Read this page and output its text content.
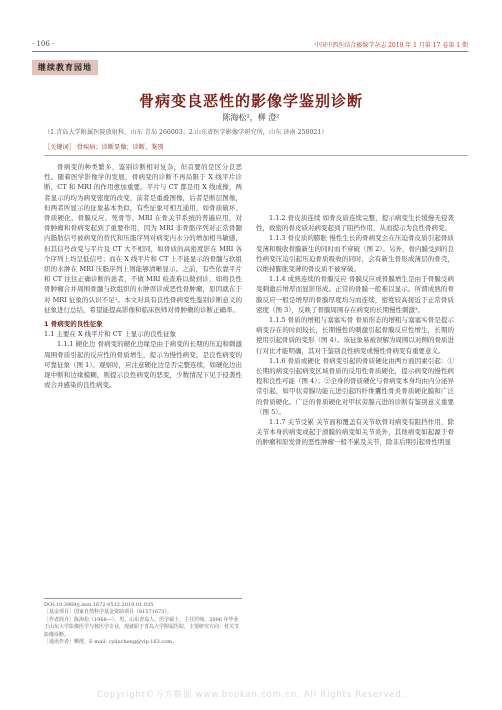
· 106 ·	中国中西医结合影像学杂志 2019 年 1 月第 17 卷第 1 期
继续教育园地
骨病变良恶性的影像学鉴别诊断
陈海松¹，柳 澄²
（1.青岛大学附属医院放射科，山东 青岛 266003；2.山东省医学影像学研究所，山东 济南 250021）
［关键词］ 骨疾病；诊断显像；诊断，鉴别

骨病变的种类繁多，鉴别诊断相对复杂，但首要的是区分良恶性。随着医学影像学的发展，骨病变的诊断不再局限于 X 线平片诊断，CT 和 MRI 的作用愈加重要。平片与 CT 都是用 X 线成像，两者显示的均为病变密度的改变，前者是重叠图像，后者是断层图像，但两者所显示的征象基本类似，有些征象可相互通用，如骨质破坏、骨质硬化、骨膜反应、死骨等。MRI 在骨关节系统的普遍应用，对骨肿瘤和骨病变起到了重要作用，因为 MRI 非骨骼序列对正常骨髓内脂肪信号被病变的替代和压脂序列对病变内水分的增加相当敏感，但其信号改变与平片及 CT 大不相同，如骨质的高密度影在 MRI 各个序列上均呈低信号；而在 X 线平片和 CT 上不能显示的骨髓与软组织的水肿在 MRI 压脂序列上则能够清晰显示。之前，有些依靠平片和 CT 往往正确诊断的患者，不做 MRI 检查难以做到诊，如将良性骨肿瘤合并周围骨髓与软组织的水肿误诊成恶性骨肿瘤，原因就在于对 MRI 征象的认识不足¹。本文对具有良性骨病变性鉴别诊断意义的征象进行总结，希望能提高影像和临床医师对骨肿瘤的诊断正确率。

1 骨病变的良性征象

1.1 主要在 X 线平片和 CT 上显示的良性征象

1.1.1 硬化边 骨病变的硬化边缘是由于病变的长期的压迫和刺激周围骨质引起的反应性的骨质增生，提示为慢性病变，是良性病变的可靠征象（图 1）。观察时，应注意硬化边是否完整连续，如硬化边出现中断和边缘模糊，则提示良性病变的恶变，少数情况下见于侵袭性或合并感染的良性病变。

1.1.2 骨皮质连续 如骨皮质连续完整，提示病变生长缓慢无侵袭性，致密的骨皮质对病变起到了阻挡作用，从而提示为良性骨病变。

1.1.3 骨皮质的膨胀 慢性生长的骨病变会在压迫骨皮质引起骨质变薄和吸收骨膜新生的同时而不穿破（图 2）。另外，骨内膜受到的良性病变压迫引起压迫骨质吸收的同时，会有新生骨形成薄层的骨壳，以维持膨胀变薄的骨皮质不被穿破。

1.1.4 成熟连续的骨膜反应 骨膜反应或骨膜增生是由于骨膜受病变刺激后增厚而显影形成。正常的骨膜一般难以显示。所谓成熟的骨膜反应一般是增厚的骨膜厚度均匀而连续，密度较高接近于正常骨质密度（图 3），反映了骨膜周围存在病变的长期慢性刺激³。

1.1.5 骨质的增粗与塞塞实骨 骨质形态的增粗与塞塞实骨是提示病变存在的时间较长，长期慢性的刺激引起骨膜反应性增生，长期的使用引起骨质的变形（图 4）。该征象易被误解为周围以对侧的骨质进行对比才能明确，其对于鉴别良性病变或慢性骨病变有重要意义。

1.1.6 骨质或硬化 骨病变引起的骨质硬化由两方面因素引起：①长期的病变引起病变区域骨质的反用性骨质硬化，提示病变的慢性病程和良性可能（图 4）；②全身的骨质硬化与骨病变本身均由内分泌异常引起，如甲状旁腺功能亢进引起的纤维囊性骨炎骨质硬化膜和广泛的骨质硬化。广泛的骨质硬化对甲状旁腺亢进的诊断有鉴别意义重要（图 5）。

1.1.7 关节受累 关节面和覆盖有关节软骨对病变有阻挡作用，除关节本身的病变或起于滑膜的病变如关节炎外，其他病变如起源于骨的肿瘤和原发骨的恶性肿瘤一般不累及关节，除非后期引起骨性明显

DOI:10.3969/j.issn.1672-0512.2019.01.035
［基金项目］国家自然科学基金资助项目（81571673）。
［作者简介］陈海松（1968—），男，山东青岛人，医学硕士，主任医师。2006 年毕业于山东大学影像医学与核医学专业，现就职于青岛大学附属医院，主要研究方向：骨关节影像诊断。
［通讯作者］柳澄，E-mail: cyliucheng@vip.163.com。
Copyright©万方数据 www.bookan.com.cn. All Rights Reserved.
